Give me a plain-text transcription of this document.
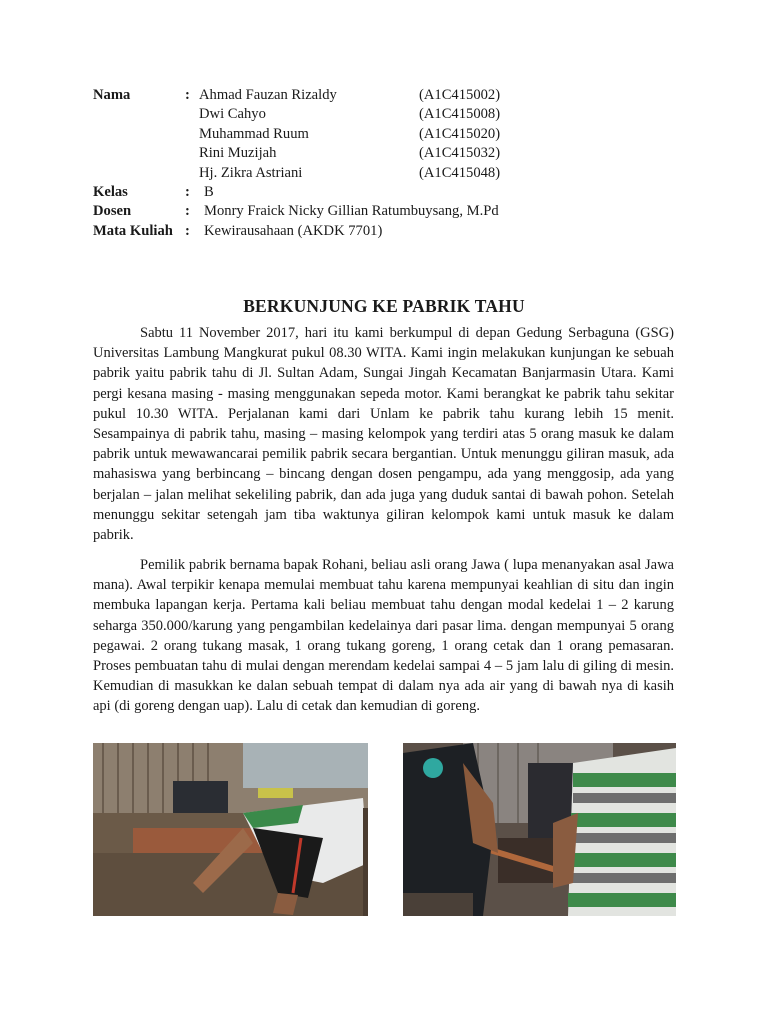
Nama	: Ahmad Fauzan Rizaldy	(A1C415002)
Dwi Cahyo	(A1C415008)
Muhammad Ruum	(A1C415020)
Rini Muzijah	(A1C415032)
Hj. Zikra Astriani	(A1C415048)
Kelas	: B
Dosen	: Monry Fraick Nicky Gillian Ratumbuysang, M.Pd
Mata Kuliah : Kewirausahaan (AKDK 7701)
BERKUNJUNG KE PABRIK TAHU

Sabtu 11 November 2017, hari itu kami berkumpul di depan Gedung Serbaguna (GSG) Universitas Lambung Mangkurat pukul 08.30 WITA. Kami ingin melakukan kunjungan ke sebuah pabrik yaitu pabrik tahu di Jl. Sultan Adam, Sungai Jingah Kecamatan Banjarmasin Utara. Kami pergi kesana masing - masing menggunakan sepeda motor. Kami berangkat ke pabrik tahu sekitar pukul 10.30 WITA. Perjalanan kami dari Unlam ke pabrik tahu kurang lebih 15 menit. Sesampainya di pabrik tahu, masing – masing kelompok yang terdiri atas 5 orang masuk ke dalam pabrik untuk mewawancarai pemilik pabrik secara bergantian. Untuk menunggu giliran masuk, ada mahasiswa yang berbincang – bincang dengan dosen pengampu, ada yang menggosip, ada yang berjalan – jalan melihat sekeliling pabrik, dan ada juga yang duduk santai di bawah pohon. Setelah menunggu sekitar setengah jam tiba waktunya giliran kelompok kami untuk masuk ke dalam pabrik.

Pemilik pabrik bernama bapak Rohani, beliau asli orang Jawa ( lupa menanyakan asal Jawa mana). Awal terpikir kenapa memulai membuat tahu karena mempunyai keahlian di situ dan ingin membuka lapangan kerja. Pertama kali beliau membuat tahu dengan modal kedelai 1 – 2 karung seharga 350.000/karung yang pengambilan kedelainya dari pasar lima. dengan mempunyai 5 orang pegawai. 2 orang tukang masak, 1 orang tukang goreng, 1 orang cetak dan 1 orang pemasaran. Proses pembuatan tahu di mulai dengan merendam kedelai sampai 4 – 5 jam lalu di giling di mesin. Kemudian di masukkan ke dalan sebuah tempat di dalam nya ada air yang di bawah nya di kasih api (di goreng dengan uap). Lalu di cetak dan kemudian di goreng.
